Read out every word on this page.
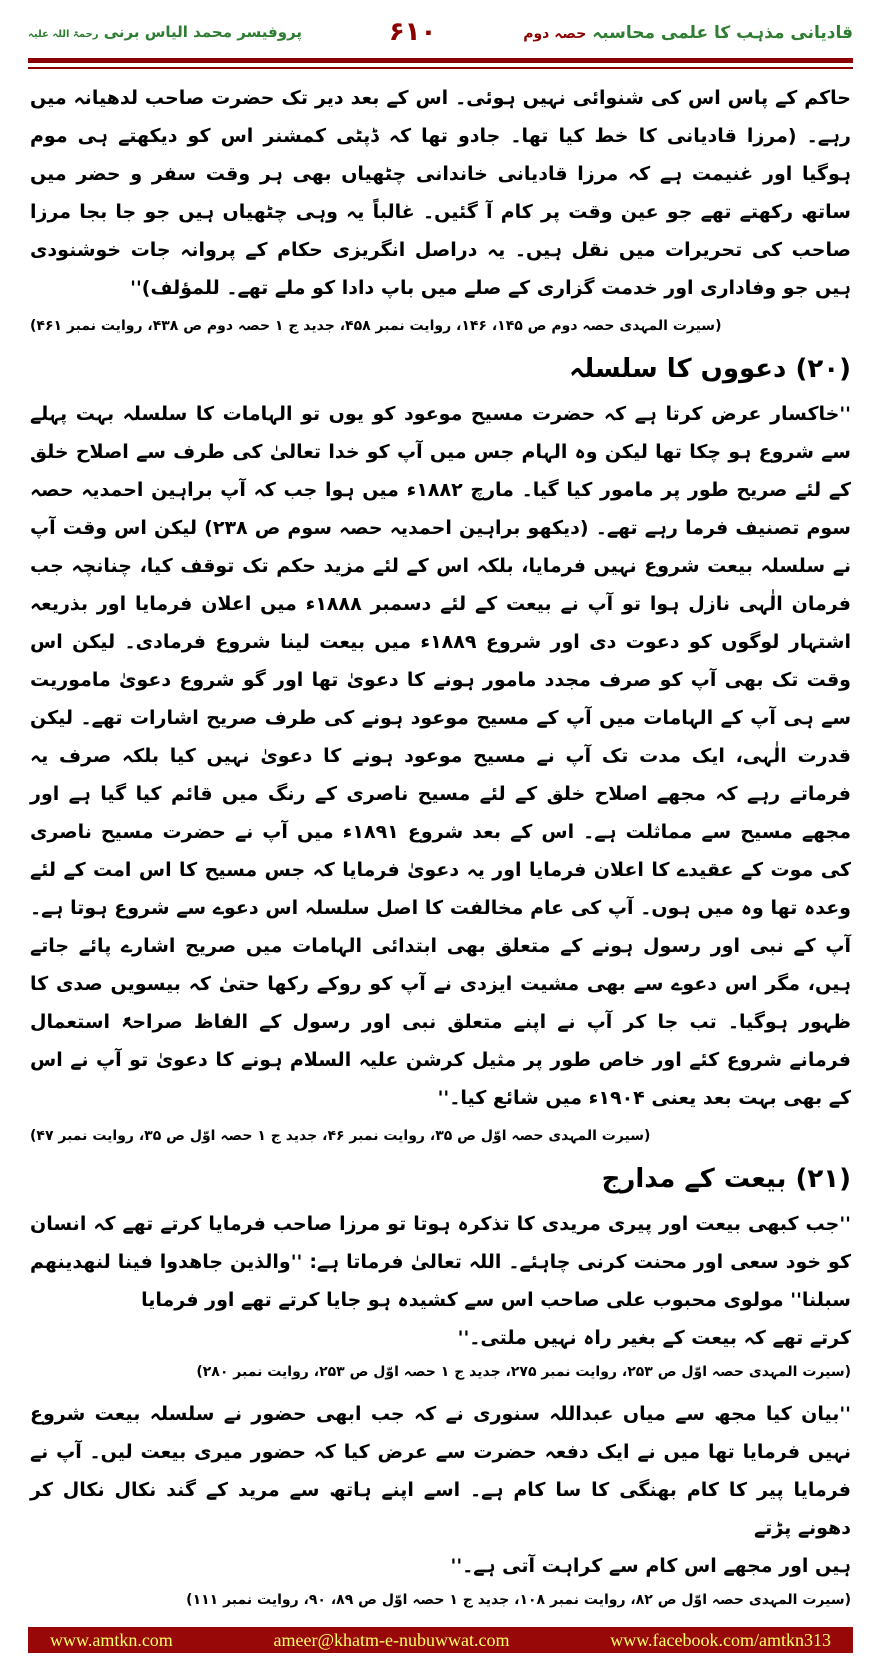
قادیانی مذہب کا علمی محاسبہ حصہ دوم
۶۱۰
پروفیسر محمد الیاس برنی رحمۃ اللہ علیہ

حاکم کے پاس اس کی شنوائی نہیں ہوئی۔ اس کے بعد دیر تک حضرت صاحب لدھیانہ میں رہے۔ (مرزا قادیانی کا خط کیا تھا۔ جادو تھا کہ ڈپٹی کمشنر اس کو دیکھتے ہی موم ہوگیا اور غنیمت ہے کہ مرزا قادیانی خاندانی چٹھیاں بھی ہر وقت سفر و حضر میں ساتھ رکھتے تھے جو عین وقت پر کام آ گئیں۔ غالباً یہ وہی چٹھیاں ہیں جو جا بجا مرزا صاحب کی تحریرات میں نقل ہیں۔ یہ دراصل انگریزی حکام کے پروانہ جات خوشنودی ہیں جو وفاداری اور خدمت گزاری کے صلے میں باپ دادا کو ملے تھے۔ للمؤلف)''

(سیرت المہدی حصہ دوم ص ۱۴۵، ۱۴۶، روایت نمبر ۴۵۸، جدید ج ۱ حصہ دوم ص ۴۳۸، روایت نمبر ۴۶۱)
(۲۰) دعووں کا سلسلہ

''خاکسار عرض کرتا ہے کہ حضرت مسیح موعود کو یوں تو الہامات کا سلسلہ بہت پہلے سے شروع ہو چکا تھا لیکن وہ الہام جس میں آپ کو خدا تعالیٰ کی طرف سے اصلاح خلق کے لئے صریح طور پر مامور کیا گیا۔ مارچ ۱۸۸۲ء میں ہوا جب کہ آپ براہین احمدیہ حصہ سوم تصنیف فرما رہے تھے۔ (دیکھو براہین احمدیہ حصہ سوم ص ۲۳۸) لیکن اس وقت آپ نے سلسلہ بیعت شروع نہیں فرمایا، بلکہ اس کے لئے مزید حکم تک توقف کیا، چنانچہ جب فرمان الٰہی نازل ہوا تو آپ نے بیعت کے لئے دسمبر ۱۸۸۸ء میں اعلان فرمایا اور بذریعہ اشتہار لوگوں کو دعوت دی اور شروع ۱۸۸۹ء میں بیعت لینا شروع فرمادی۔ لیکن اس وقت تک بھی آپ کو صرف مجدد مامور ہونے کا دعویٰ تھا اور گو شروع دعویٰ ماموریت سے ہی آپ کے الہامات میں آپ کے مسیح موعود ہونے کی طرف صریح اشارات تھے۔ لیکن قدرت الٰہی، ایک مدت تک آپ نے مسیح موعود ہونے کا دعویٰ نہیں کیا بلکہ صرف یہ فرماتے رہے کہ مجھے اصلاح خلق کے لئے مسیح ناصری کے رنگ میں قائم کیا گیا ہے اور مجھے مسیح سے مماثلت ہے۔ اس کے بعد شروع ۱۸۹۱ء میں آپ نے حضرت مسیح ناصری کی موت کے عقیدے کا اعلان فرمایا اور یہ دعویٰ فرمایا کہ جس مسیح کا اس امت کے لئے وعدہ تھا وہ میں ہوں۔ آپ کی عام مخالفت کا اصل سلسلہ اس دعوے سے شروع ہوتا ہے۔ آپ کے نبی اور رسول ہونے کے متعلق بھی ابتدائی الہامات میں صریح اشارے پائے جاتے ہیں، مگر اس دعوے سے بھی مشیت ایزدی نے آپ کو روکے رکھا حتیٰ کہ بیسویں صدی کا ظہور ہوگیا۔ تب جا کر آپ نے اپنے متعلق نبی اور رسول کے الفاظ صراحۃً استعمال فرمانے شروع کئے اور خاص طور پر مثیل کرشن علیہ السلام ہونے کا دعویٰ تو آپ نے اس کے بھی بہت بعد یعنی ۱۹۰۴ء میں شائع کیا۔''

(سیرت المہدی حصہ اوّل ص ۳۵، روایت نمبر ۴۶، جدید ج ۱ حصہ اوّل ص ۳۵، روایت نمبر ۴۷)
(۲۱) بیعت کے مدارج

''جب کبھی بیعت اور پیری مریدی کا تذکرہ ہوتا تو مرزا صاحب فرمایا کرتے تھے کہ انسان کو خود سعی اور محنت کرنی چاہئے۔ اللہ تعالیٰ فرماتا ہے: ''والذین جاھدوا فینا لنھدینھم سبلنا'' مولوی محبوب علی صاحب اس سے کشیدہ ہو جایا کرتے تھے اور فرمایا

کرتے تھے کہ بیعت کے بغیر راہ نہیں ملتی۔''
(سیرت المہدی حصہ اوّل ص ۲۵۳، روایت نمبر ۲۷۵، جدید ج ۱ حصہ اوّل ص ۲۵۳، روایت نمبر ۲۸۰)

''بیان کیا مجھ سے میاں عبداللہ سنوری نے کہ جب ابھی حضور نے سلسلہ بیعت شروع نہیں فرمایا تھا میں نے ایک دفعہ حضرت سے عرض کیا کہ حضور میری بیعت لیں۔ آپ نے فرمایا پیر کا کام بھنگی کا سا کام ہے۔ اسے اپنے ہاتھ سے مرید کے گند نکال نکال کر دھونے پڑتے

ہیں اور مجھے اس کام سے کراہت آتی ہے۔''
(سیرت المہدی حصہ اوّل ص ۸۲، روایت نمبر ۱۰۸، جدید ج ۱ حصہ اوّل ص ۸۹، ۹۰، روایت نمبر ۱۱۱)
www.amtkn.com	ameer@khatm-e-nubuwwat.com	www.facebook.com/amtkn313
